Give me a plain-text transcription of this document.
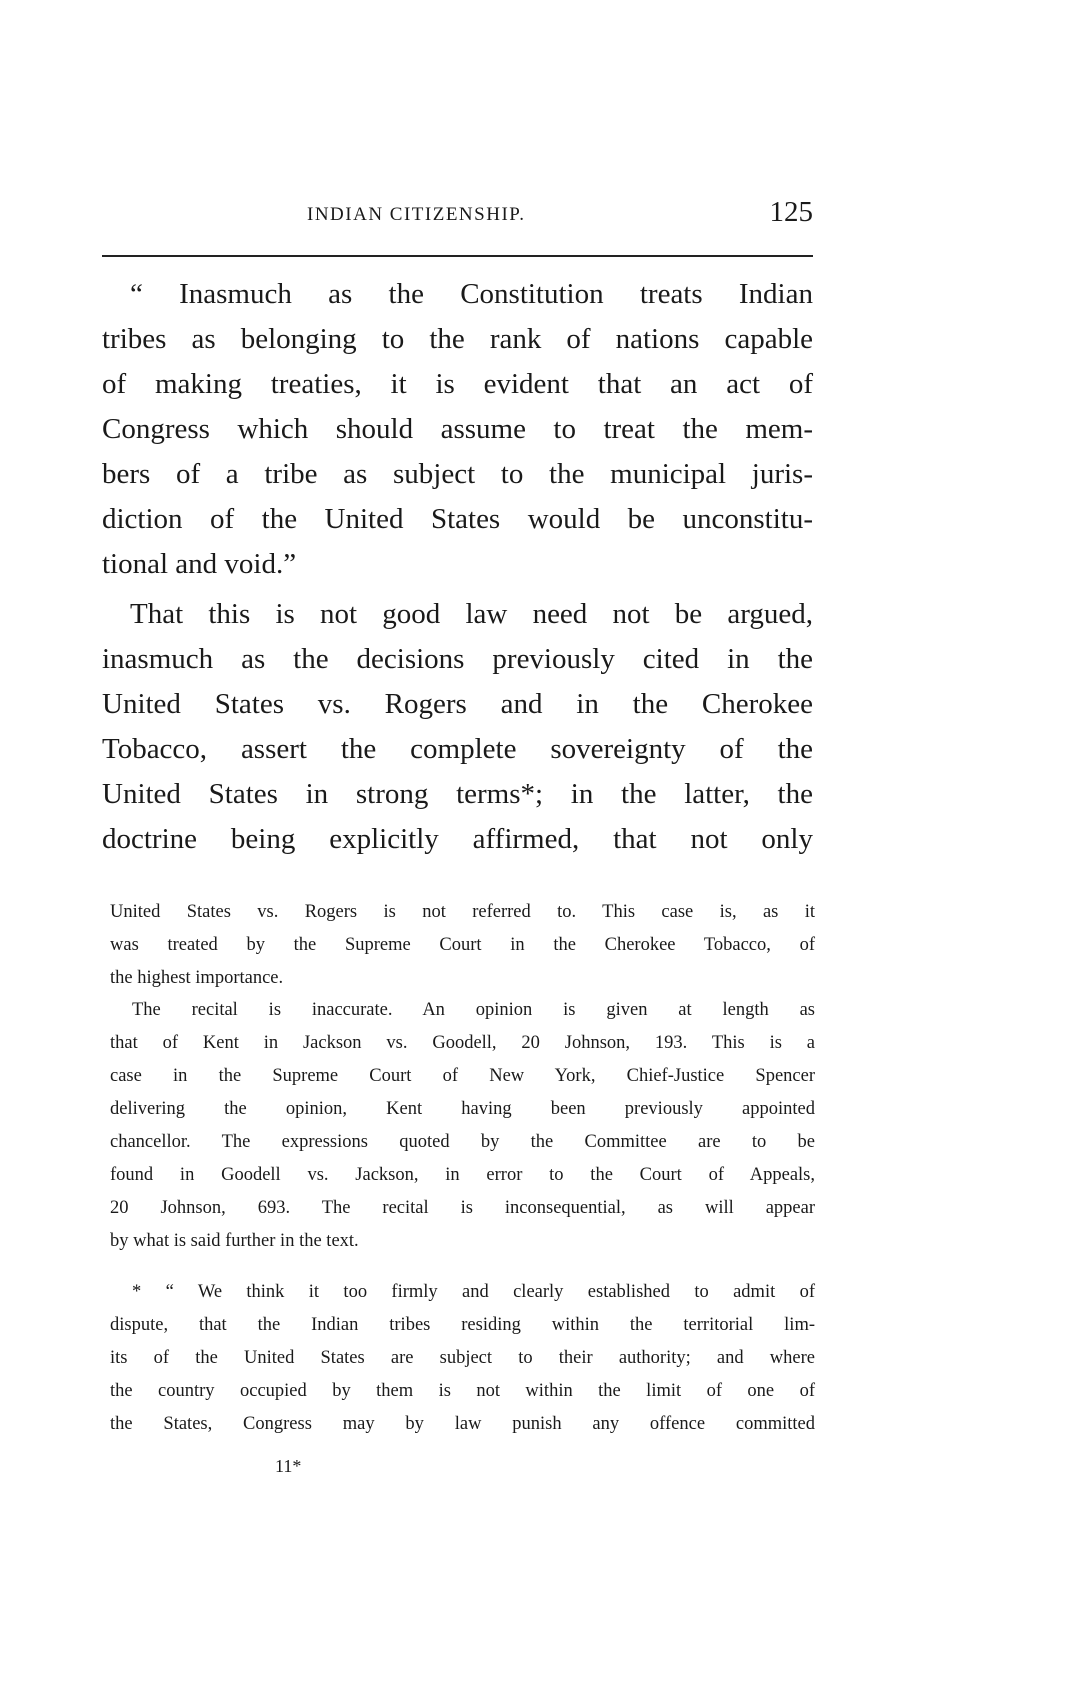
INDIAN CITIZENSHIP.	125
“ Inasmuch as the Constitution treats Indian
tribes as belonging to the rank of nations capable
of making treaties, it is evident that an act of
Congress which should assume to treat the mem-
bers of a tribe as subject to the municipal juris-
diction of the United States would be unconstitu-
tional and void.”
That this is not good law need not be argued,
inasmuch as the decisions previously cited in the
United States vs. Rogers and in the Cherokee
Tobacco, assert the complete sovereignty of the
United States in strong terms*; in the latter, the
doctrine being explicitly affirmed, that not only
United States vs. Rogers is not referred to. This case is, as it
was treated by the Supreme Court in the Cherokee Tobacco, of
the highest importance.
The recital is inaccurate. An opinion is given at length as
that of Kent in Jackson vs. Goodell, 20 Johnson, 193. This is a
case in the Supreme Court of New York, Chief-Justice Spencer
delivering the opinion, Kent having been previously appointed
chancellor. The expressions quoted by the Committee are to be
found in Goodell vs. Jackson, in error to the Court of Appeals,
20 Johnson, 693. The recital is inconsequential, as will appear
by what is said further in the text.
* “ We think it too firmly and clearly established to admit of
dispute, that the Indian tribes residing within the territorial lim-
its of the United States are subject to their authority; and where
the country occupied by them is not within the limit of one of
the States, Congress may by law punish any offence committed
11*
